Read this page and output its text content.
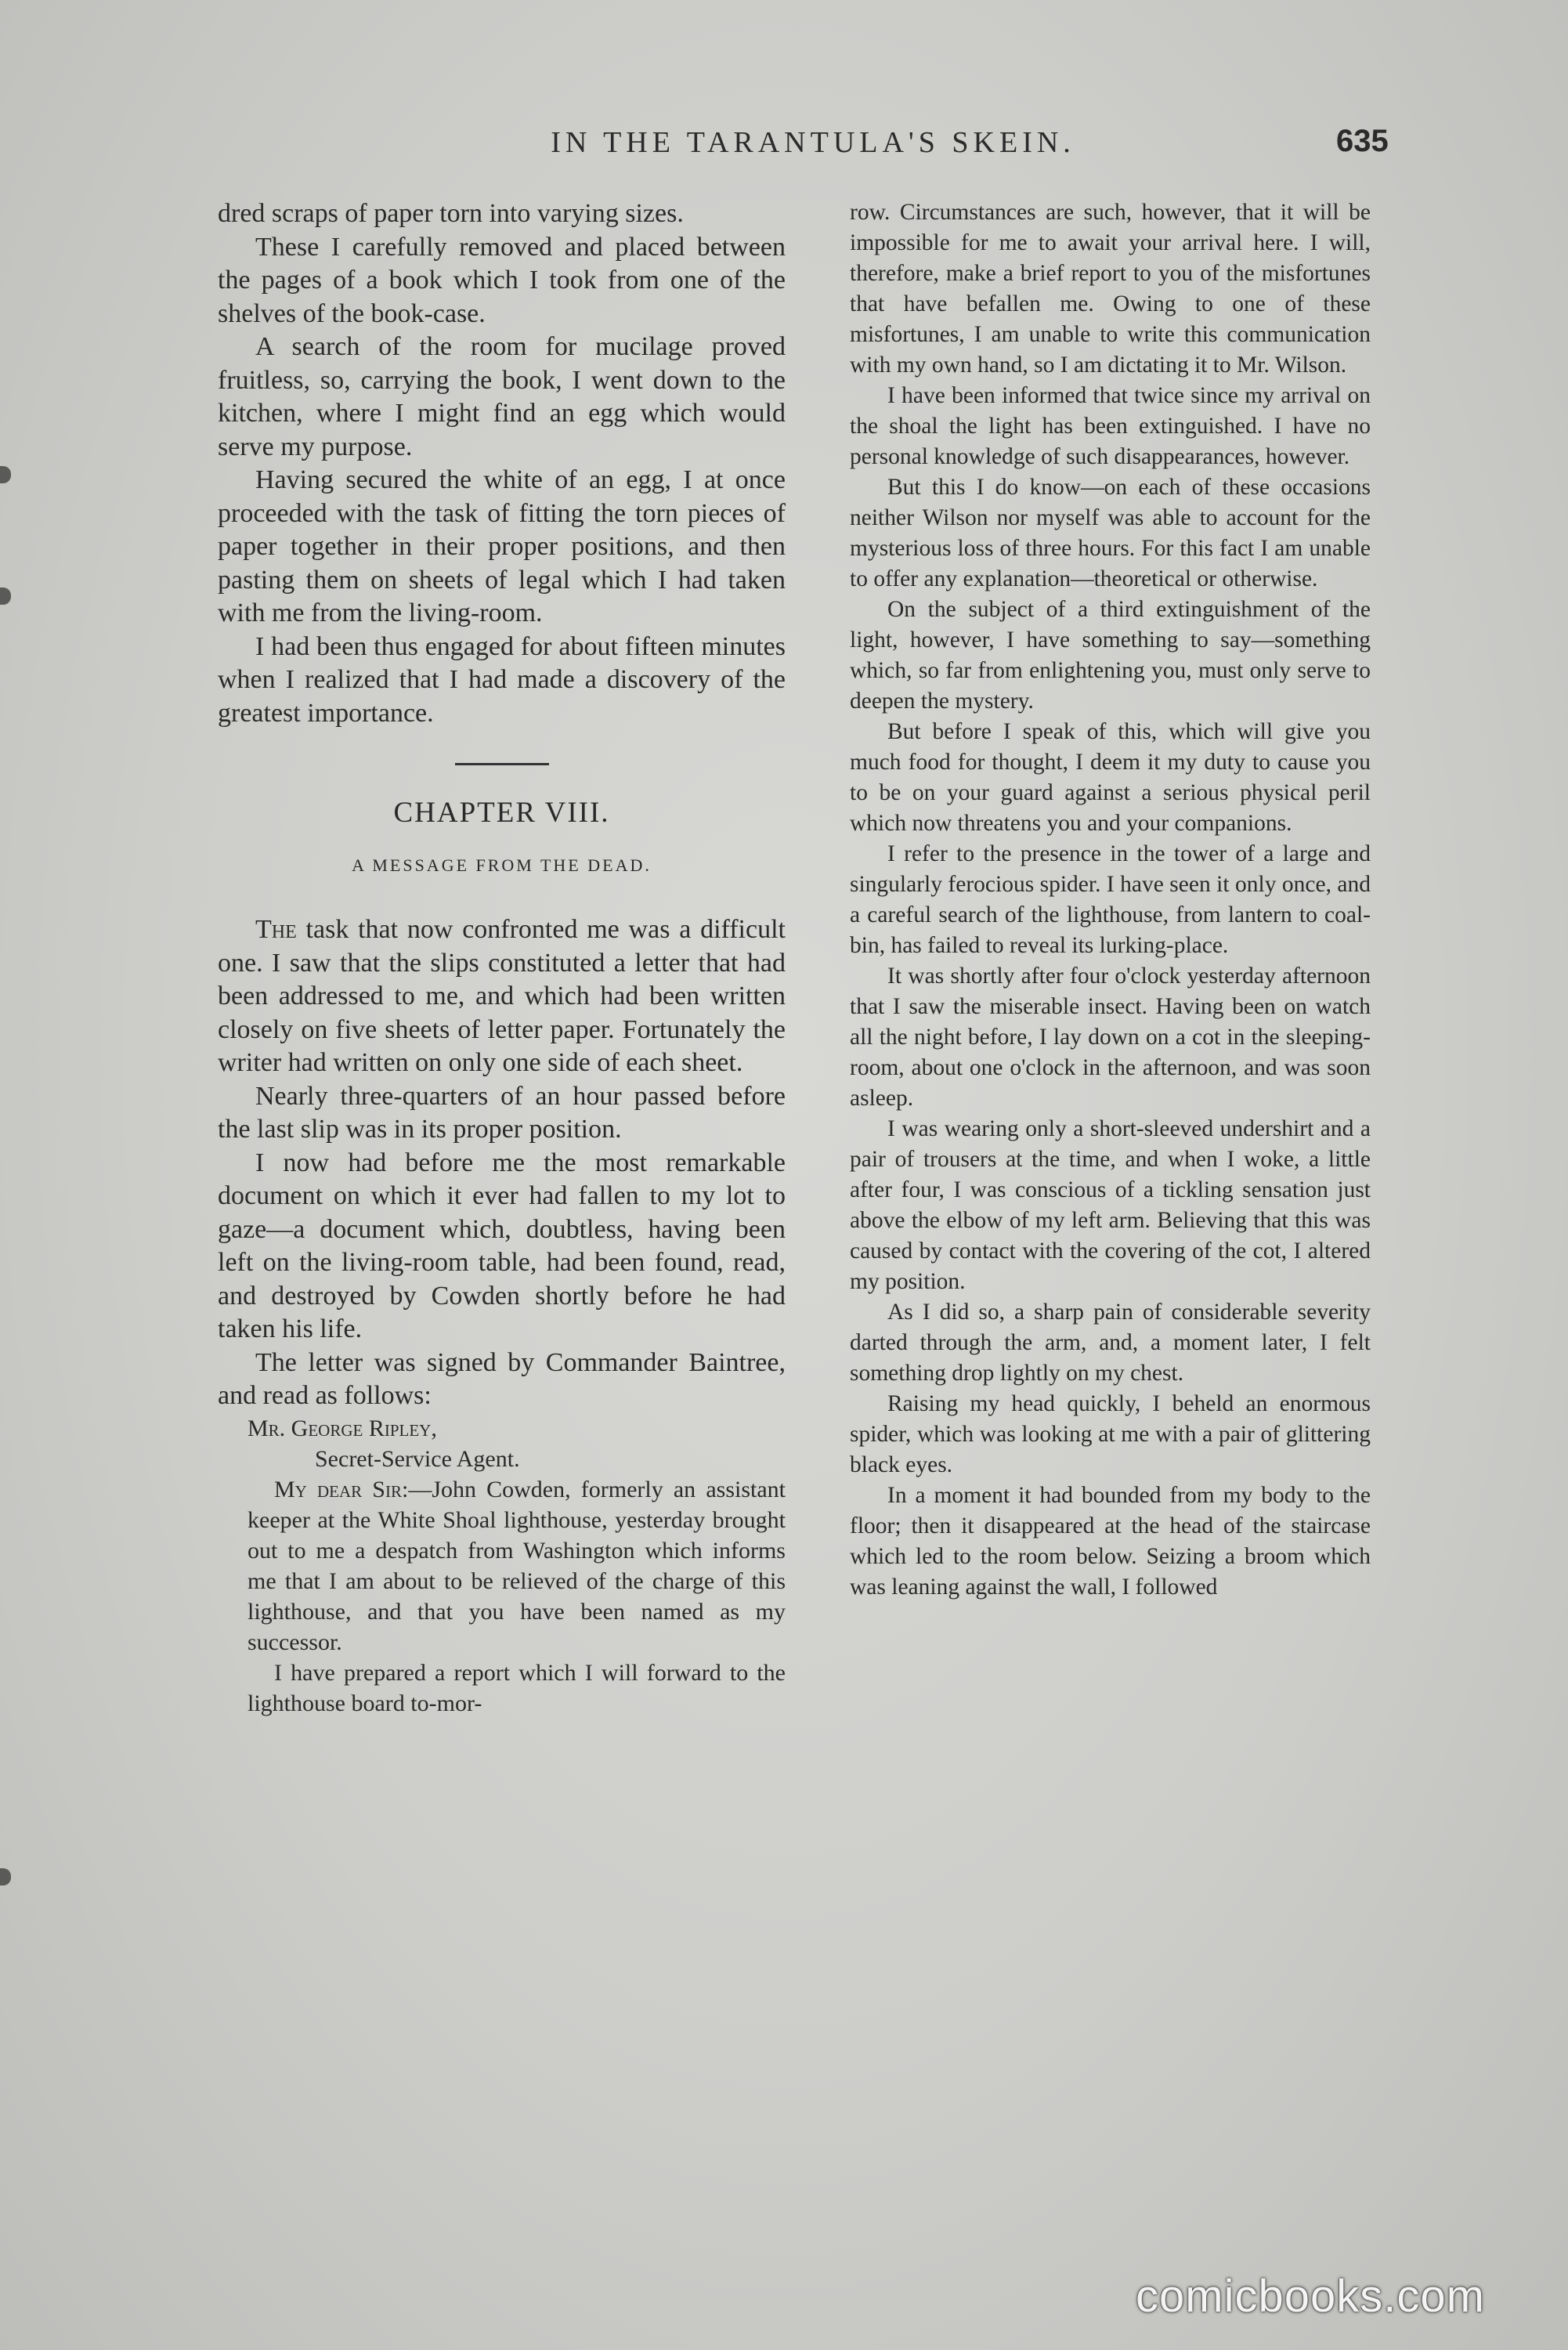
IN THE TARANTULA'S SKEIN.	635

dred scraps of paper torn into varying sizes.

These I carefully removed and placed between the pages of a book which I took from one of the shelves of the book-case.

A search of the room for mucilage proved fruitless, so, carrying the book, I went down to the kitchen, where I might find an egg which would serve my purpose.

Having secured the white of an egg, I at once proceeded with the task of fitting the torn pieces of paper together in their proper positions, and then pasting them on sheets of legal which I had taken with me from the living-room.

I had been thus engaged for about fifteen minutes when I realized that I had made a discovery of the greatest importance.

CHAPTER VIII.
A MESSAGE FROM THE DEAD.

The task that now confronted me was a difficult one. I saw that the slips constituted a letter that had been addressed to me, and which had been written closely on five sheets of letter paper. Fortunately the writer had written on only one side of each sheet.

Nearly three-quarters of an hour passed before the last slip was in its proper position.

I now had before me the most remarkable document on which it ever had fallen to my lot to gaze—a document which, doubtless, having been left on the living-room table, had been found, read, and destroyed by Cowden shortly before he had taken his life.

The letter was signed by Commander Baintree, and read as follows:

Mr. George Ripley,

Secret-Service Agent.

My dear Sir:—John Cowden, formerly an assistant keeper at the White Shoal lighthouse, yesterday brought out to me a despatch from Washington which informs me that I am about to be relieved of the charge of this lighthouse, and that you have been named as my successor.

I have prepared a report which I will forward to the lighthouse board to-mor-

row. Circumstances are such, however, that it will be impossible for me to await your arrival here. I will, therefore, make a brief report to you of the misfortunes that have befallen me. Owing to one of these misfortunes, I am unable to write this communication with my own hand, so I am dictating it to Mr. Wilson.

I have been informed that twice since my arrival on the shoal the light has been extinguished. I have no personal knowledge of such disappearances, however.

But this I do know—on each of these occasions neither Wilson nor myself was able to account for the mysterious loss of three hours. For this fact I am unable to offer any explanation—theoretical or otherwise.

On the subject of a third extinguishment of the light, however, I have something to say—something which, so far from enlightening you, must only serve to deepen the mystery.

But before I speak of this, which will give you much food for thought, I deem it my duty to cause you to be on your guard against a serious physical peril which now threatens you and your companions.

I refer to the presence in the tower of a large and singularly ferocious spider. I have seen it only once, and a careful search of the lighthouse, from lantern to coal-bin, has failed to reveal its lurking-place.

It was shortly after four o'clock yesterday afternoon that I saw the miserable insect. Having been on watch all the night before, I lay down on a cot in the sleeping-room, about one o'clock in the afternoon, and was soon asleep.

I was wearing only a short-sleeved undershirt and a pair of trousers at the time, and when I woke, a little after four, I was conscious of a tickling sensation just above the elbow of my left arm. Believing that this was caused by contact with the covering of the cot, I altered my position.

As I did so, a sharp pain of considerable severity darted through the arm, and, a moment later, I felt something drop lightly on my chest.

Raising my head quickly, I beheld an enormous spider, which was looking at me with a pair of glittering black eyes.

In a moment it had bounded from my body to the floor; then it disappeared at the head of the staircase which led to the room below. Seizing a broom which was leaning against the wall, I followed

comicbooks.com
